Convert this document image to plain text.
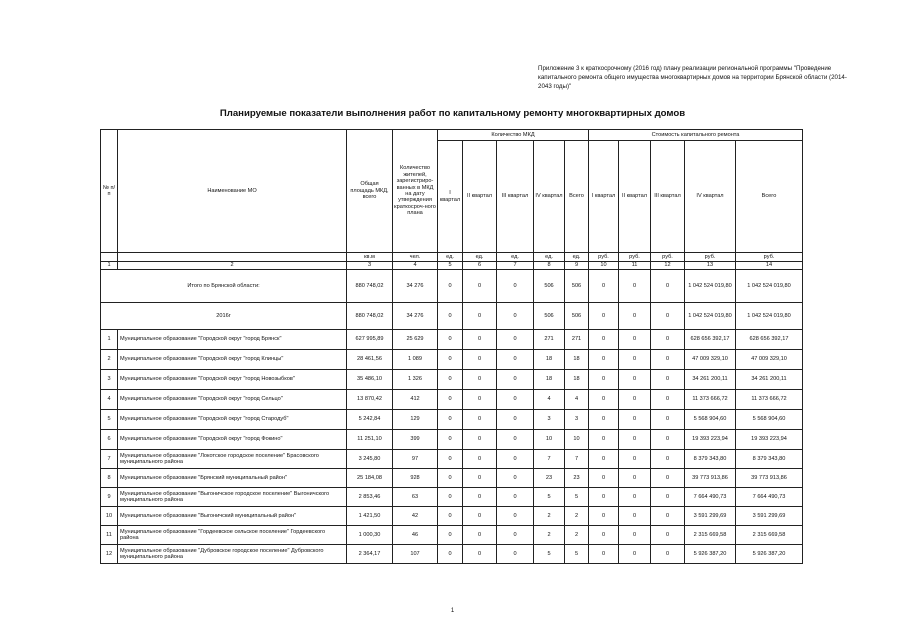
Приложение 3 к краткосрочному (2016 год) плану реализации региональной программы "Проведение капитального ремонта общего имущества многоквартирных домов на территории Брянской области (2014-2043 годы)"
Планируемые показатели выполнения работ по капитальному ремонту многоквартирных домов
№ п/п	Наименование МО	Общая площадь МКД, всего	Количество жителей, зарегистриро-ванных в МКД на дату утверждения краткосроч-ного плана	Количество МКД					Стоимость капитального ремонта				
				I квартал	II квартал	III квартал	IV квартал	Всего	I квартал	II квартал	III квартал	IV квартал	Всего
		кв.м	чел.	ед.	ед.	ед.	ед.	ед.	руб.	руб.	руб.	руб.	руб.
1	2	3	4	5	6	7	8	9	10	11	12	13	14
Итого по Брянской области:		880 748,02	34 276	0	0	0	506	506	0	0	0	1 042 524 019,80	1 042 524 019,80
2016г		880 748,02	34 276	0	0	0	506	506	0	0	0	1 042 524 019,80	1 042 524 019,80
1	Муниципальное образование "Городской округ "город Брянск"	627 995,89	25 629	0	0	0	271	271	0	0	0	628 656 392,17	628 656 392,17
2	Муниципальное образование "Городской округ "город Клинцы"	28 461,56	1 089	0	0	0	18	18	0	0	0	47 009 329,10	47 009 329,10
3	Муниципальное образование "Городской округ "город Новозыбков"	35 486,10	1 326	0	0	0	18	18	0	0	0	34 261 200,11	34 261 200,11
4	Муниципальное образование "Городской округ "город Сельцо"	13 870,42	412	0	0	0	4	4	0	0	0	11 373 666,72	11 373 666,72
5	Муниципальное образование "Городской округ "город Стародуб"	5 242,84	129	0	0	0	3	3	0	0	0	5 568 904,60	5 568 904,60
6	Муниципальное образование "Городской округ "город Фокино"	11 251,10	399	0	0	0	10	10	0	0	0	19 393 223,94	19 393 223,94
7	Муниципальное образование "Локотское городское поселение" Брасовского муниципального района	3 245,80	97	0	0	0	7	7	0	0	0	8 379 343,80	8 379 343,80
8	Муниципальное образование "Брянский муниципальный район"	25 184,08	928	0	0	0	23	23	0	0	0	39 773 913,86	39 773 913,86
9	Муниципальное образование "Выгоничское городское поселение" Выгоничского муниципального района	2 853,46	63	0	0	0	5	5	0	0	0	7 664 490,73	7 664 490,73
10	Муниципальное образование "Выгоничский муниципальный район"	1 421,50	42	0	0	0	2	2	0	0	0	3 591 299,69	3 591 299,69
11	Муниципальное образование "Гордеевское сельское поселение" Гордеевского района	1 000,30	46	0	0	0	2	2	0	0	0	2 315 669,58	2 315 669,58
12	Муниципальное образование "Дубровское городское поселение" Дубровского муниципального района	2 364,17	107	0	0	0	5	5	0	0	0	5 926 387,20	5 926 387,20
1
